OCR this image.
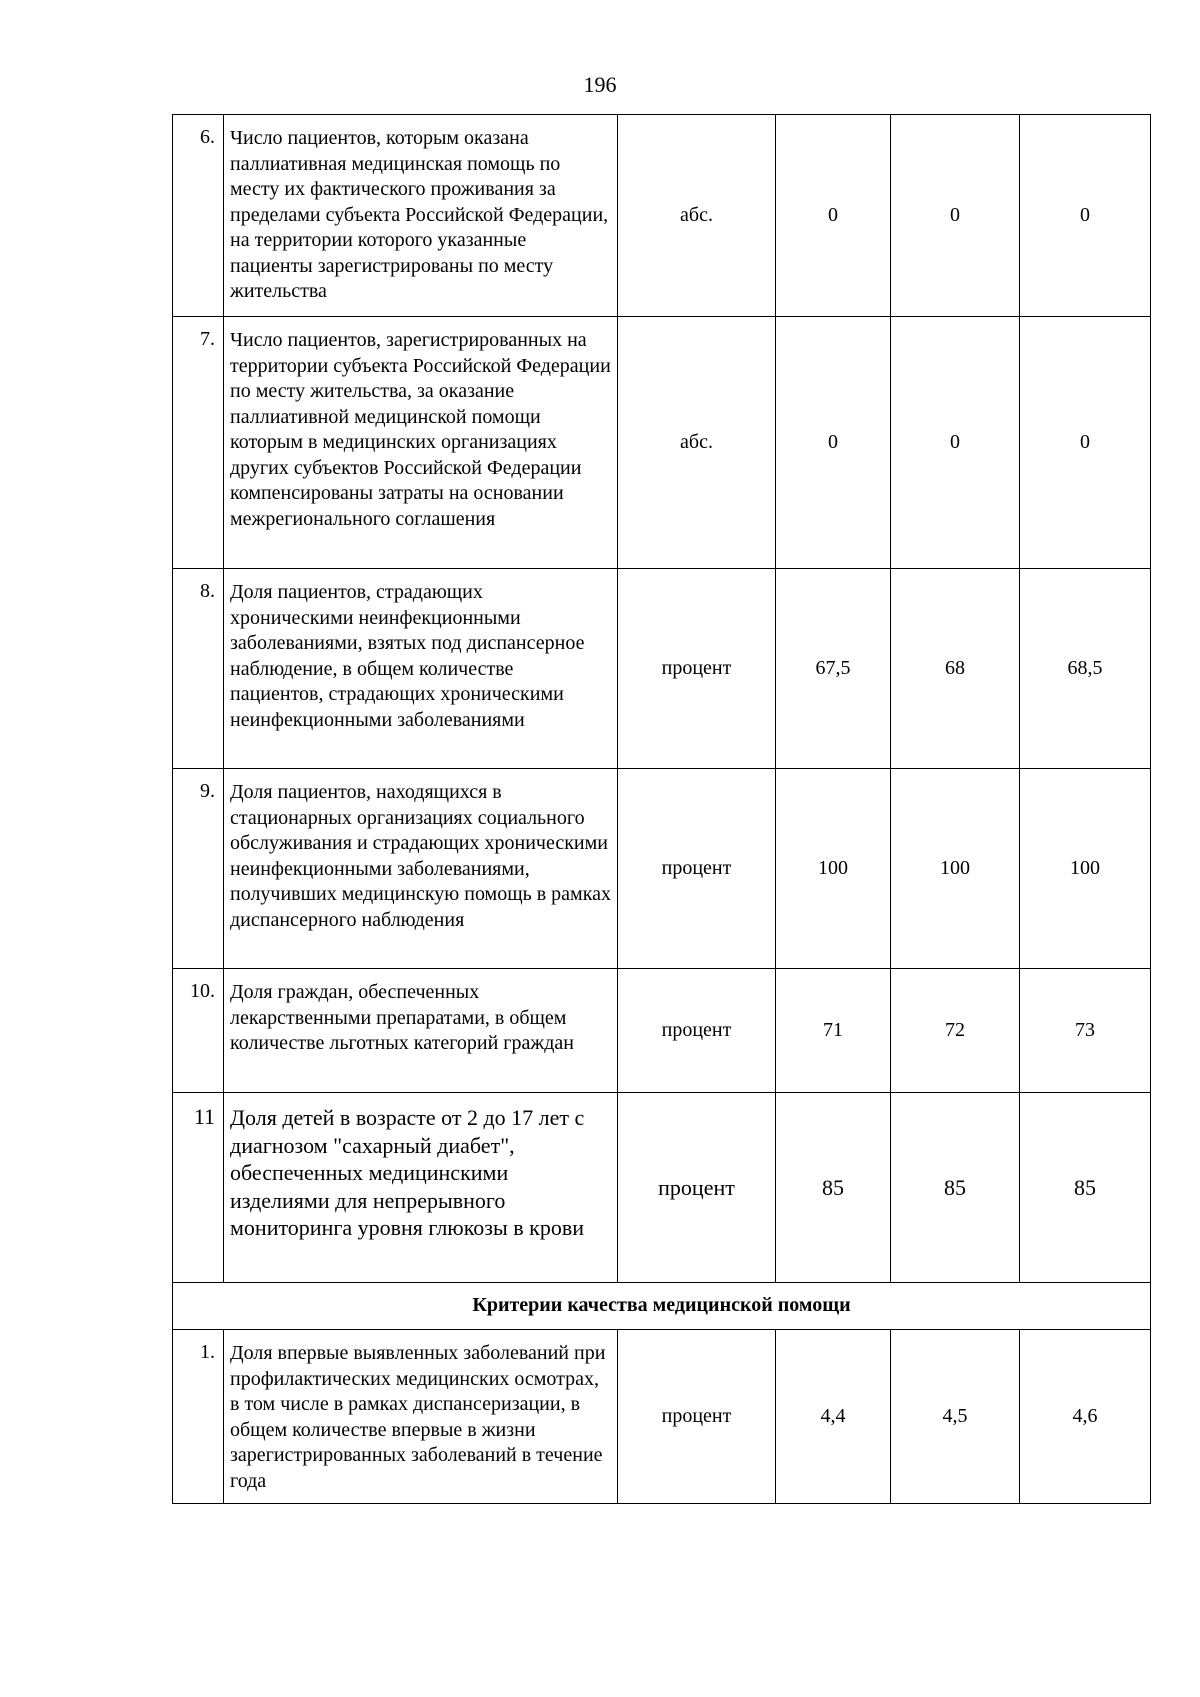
196
6.	Число пациентов, которым оказана паллиативная медицинская помощь по месту их фактического проживания за пределами субъекта Российской Федерации, на территории которого указанные пациенты зарегистрированы по месту жительства	абс.	0	0	0
7.	Число пациентов, зарегистрированных на территории субъекта Российской Федерации по месту жительства, за оказание паллиативной медицинской помощи которым в медицинских организациях других субъектов Российской Федерации компенсированы затраты на основании межрегионального соглашения	абс.	0	0	0
8.	Доля пациентов, страдающих хроническими неинфекционными заболеваниями, взятых под диспансерное наблюдение, в общем количестве пациентов, страдающих хроническими неинфекционными заболеваниями	процент	67,5	68	68,5
9.	Доля пациентов, находящихся в стационарных организациях социального обслуживания и страдающих хроническими неинфекционными заболеваниями, получивших медицинскую помощь в рамках диспансерного наблюдения	процент	100	100	100
10.	Доля граждан, обеспеченных лекарственными препаратами, в общем количестве льготных категорий граждан	процент	71	72	73
11	Доля детей в возрасте от 2 до 17 лет с диагнозом "сахарный диабет", обеспеченных медицинскими изделиями для непрерывного мониторинга уровня глюкозы в крови	процент	85	85	85
Критерии качества медицинской помощи					
1.	Доля впервые выявленных заболеваний при профилактических медицинских осмотрах, в том числе в рамках диспансеризации, в общем количестве впервые в жизни зарегистрированных заболеваний в течение года	процент	4,4	4,5	4,6
